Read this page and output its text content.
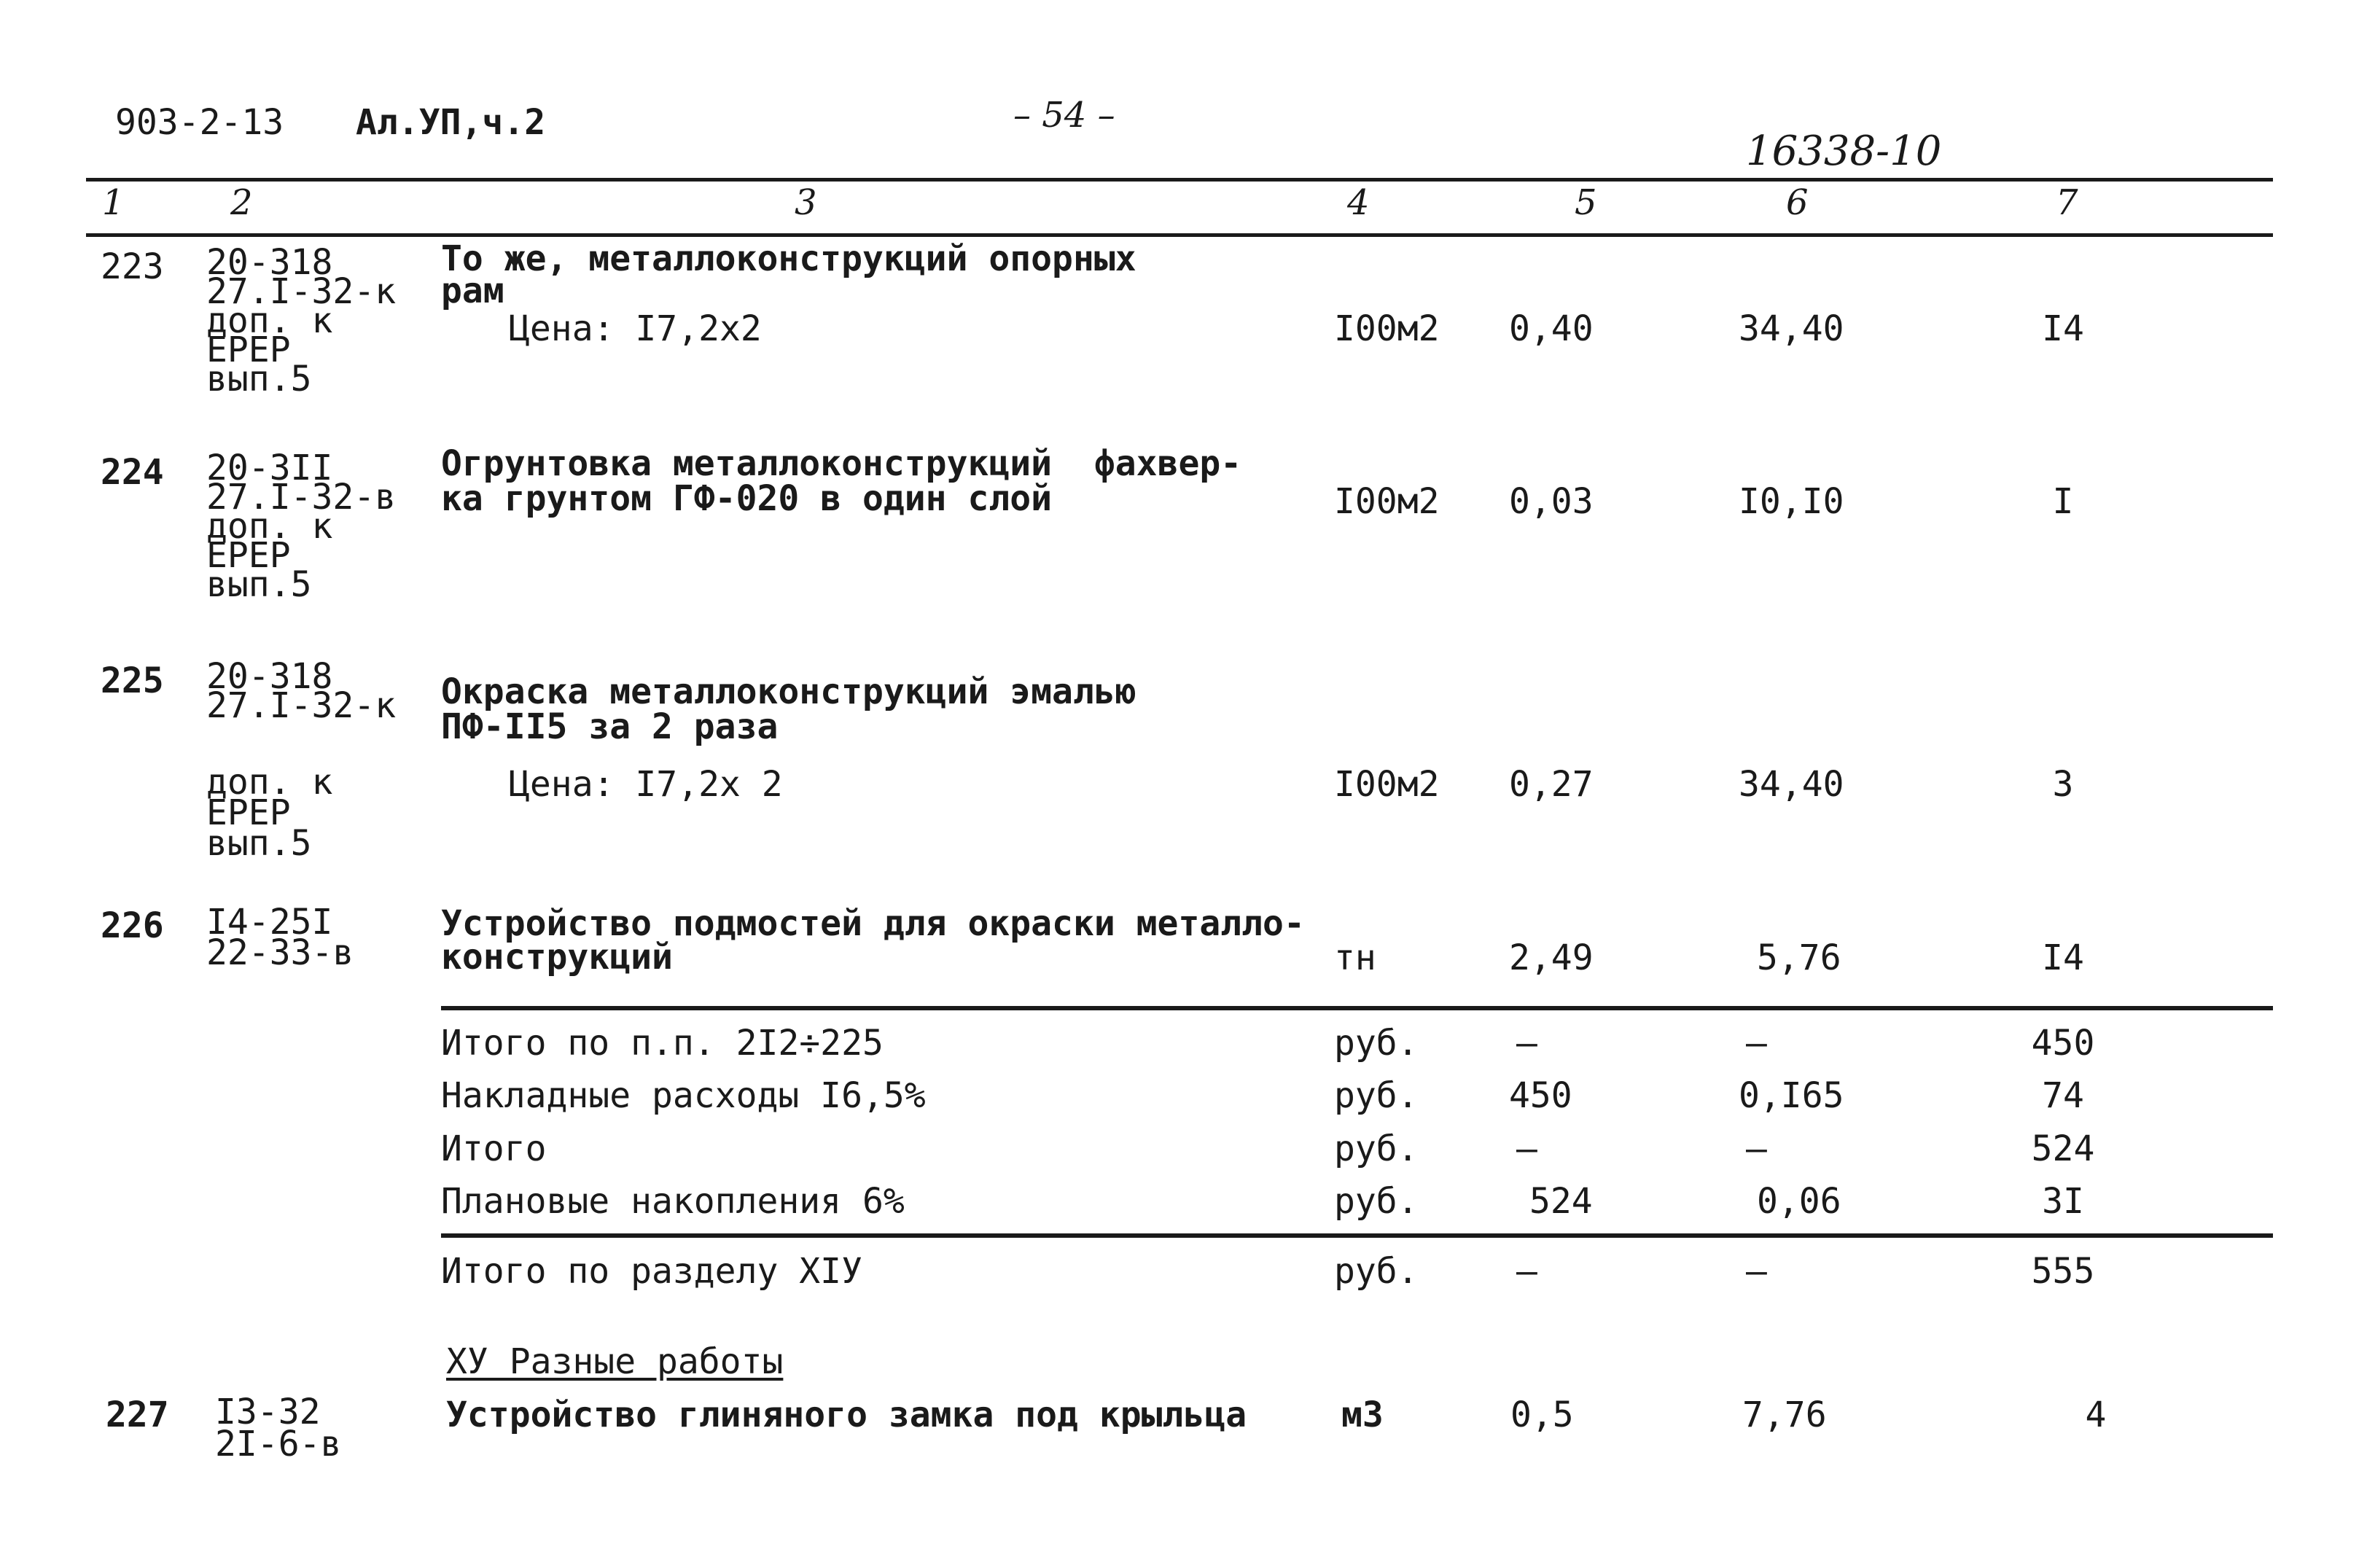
903-2-13 Ал.УП,ч.2	– 54 –
16338-10
1	2	3	4	5	6	7
223 20-318
27.I-32-к
доп. к
ЕРЕР
вып.5
То же, металлоконструкций опорных
рам
Цена: I7,2х2	I00м2 0,40	34,40	I4
224 20-3II
27.I-32-в
доп. к
ЕРЕР
вып.5
Огрунтовка металлоконструкций  фахвер-
ка грунтом ГФ-020 в один слой	I00м2 0,03	I0,I0	I
225 20-318
27.I-32-к
доп. к
ЕРЕР
вып.5
Окраска металлоконструкций эмалью
ПФ-II5 за 2 раза
Цена: I7,2х 2	I00м2 0,27	34,40	3
226 I4-25I
22-33-в
Устройство подмостей для окраски металло-
конструкций	тн	2,49	5,76	I4
Итого по п.п. 2I2÷225	руб.	–	–	450
Накладные расходы I6,5%	руб.	450	0,I65	74
Итого	руб.	–	–	524
Плановые накопления 6%	руб.	524	0,06	3I
Итого по разделу XIУ	руб.	–	–	555
ХУ Разные работы
227 I3-32
2I-6-в
Устройство глиняного замка под крыльца	м3	0,5	7,76	4
